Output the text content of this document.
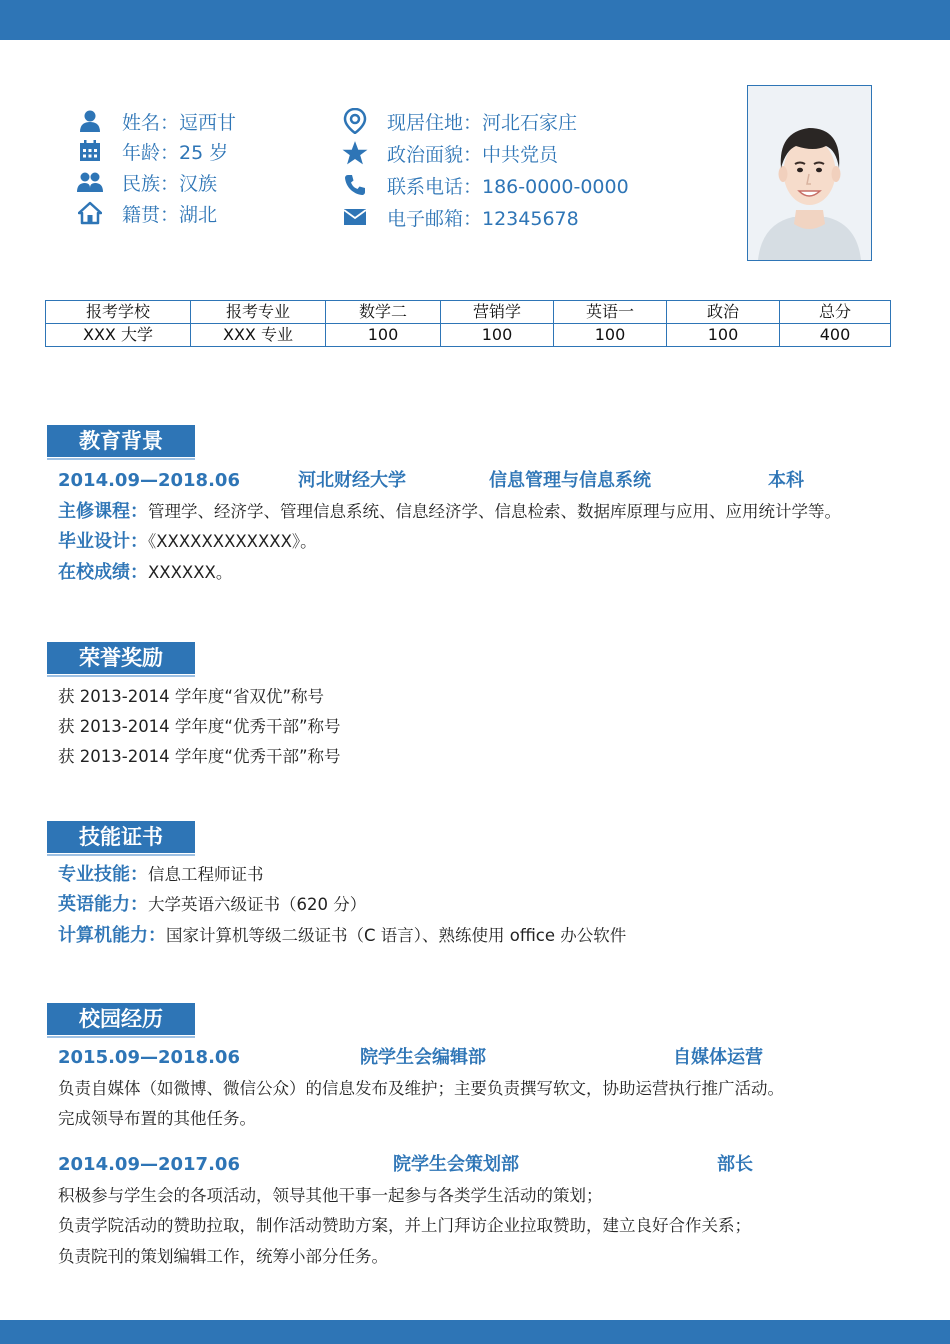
姓名：逗西甘
年龄：25 岁
民族：汉族
籍贯：湖北
现居住地：河北石家庄
政治面貌：中共党员
联系电话：186-0000-0000
电子邮箱：12345678
报考学校	报考专业	数学二	营销学	英语一	政治	总分
XXX 大学	XXX 专业	100	100	100	100	400
教育背景
2014.09—2018.06	河北财经大学	信息管理与信息系统	本科
主修课程：管理学、经济学、管理信息系统、信息经济学、信息检索、数据库原理与应用、应用统计学等。
毕业设计：《XXXXXXXXXXXX》。
在校成绩：XXXXXX。
荣誉奖励
获 2013-2014 学年度“省双优”称号
获 2013-2014 学年度“优秀干部”称号
获 2013-2014 学年度“优秀干部”称号
技能证书
专业技能：信息工程师证书
英语能力：大学英语六级证书（620 分）
计算机能力：国家计算机等级二级证书（C 语言）、熟练使用 office 办公软件
校园经历
2015.09—2018.06	院学生会编辑部	自媒体运营
负责自媒体（如微博、微信公众）的信息发布及维护；主要负责撰写软文，协助运营执行推广活动。
完成领导布置的其他任务。
2014.09—2017.06	院学生会策划部	部长
积极参与学生会的各项活动，领导其他干事一起参与各类学生活动的策划；
负责学院活动的赞助拉取，制作活动赞助方案，并上门拜访企业拉取赞助，建立良好合作关系；
负责院刊的策划编辑工作，统筹小部分任务。
